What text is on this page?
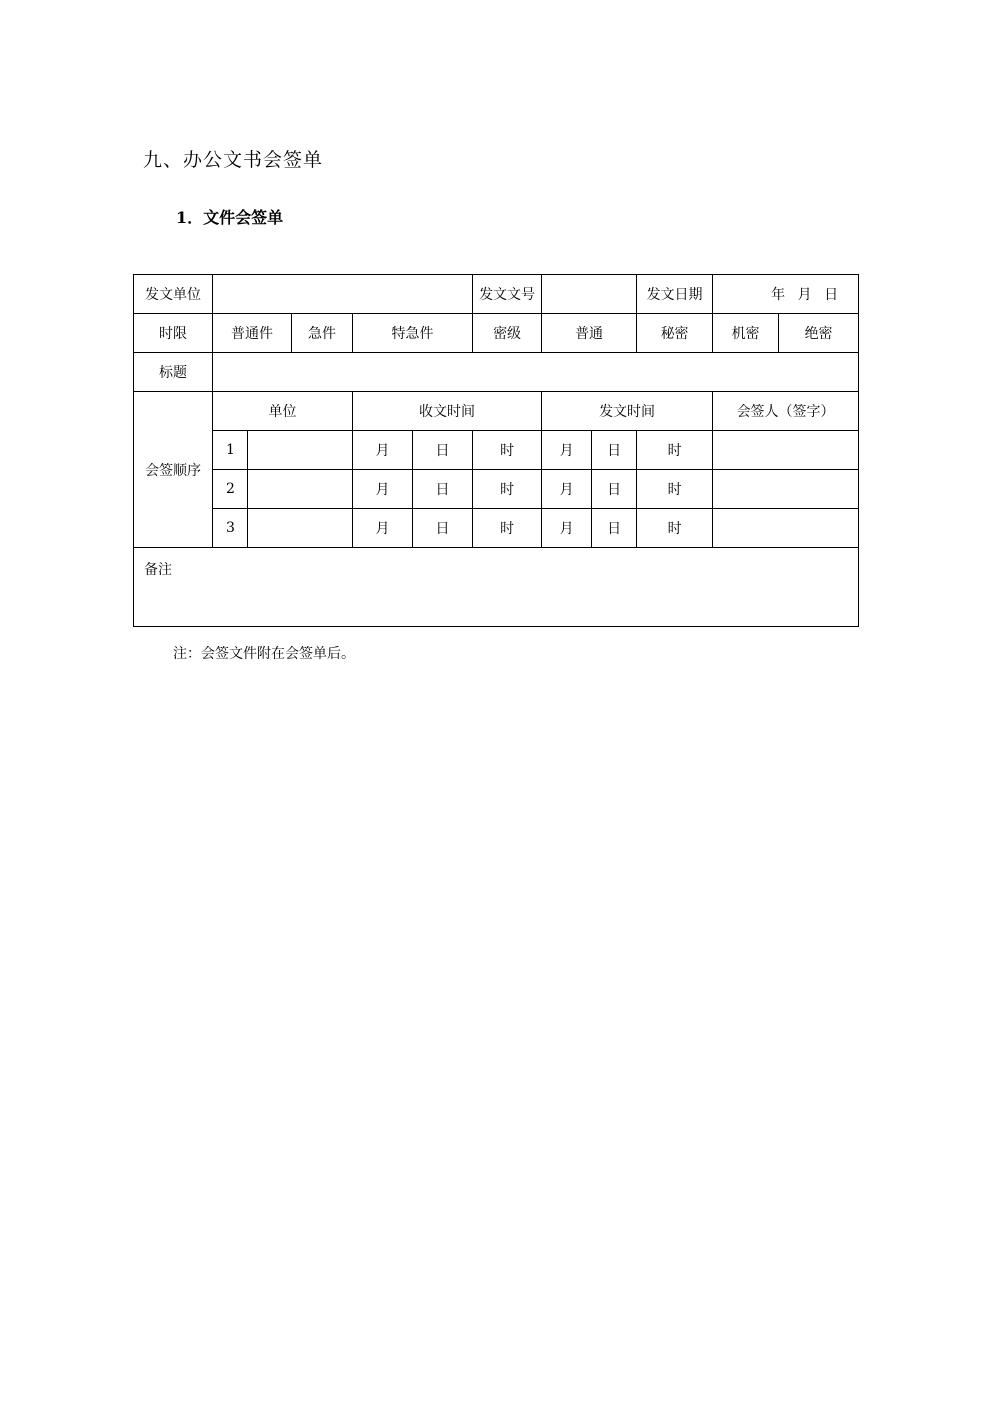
九、办公文书会签单
1．文件会签单
发文单位						发文文号			发文日期	年 月 日	
时限	普通件		急件	特急件		密级	普通		秘密	机密	绝密
标题											
会签顺序	单位			收文时间			发文时间			会签人（签字）	
	1			月	日	时	月	日	时		
	2			月	日	时	月	日	时		
	3			月	日	时	月	日	时		
备注											
注：会签文件附在会签单后。
